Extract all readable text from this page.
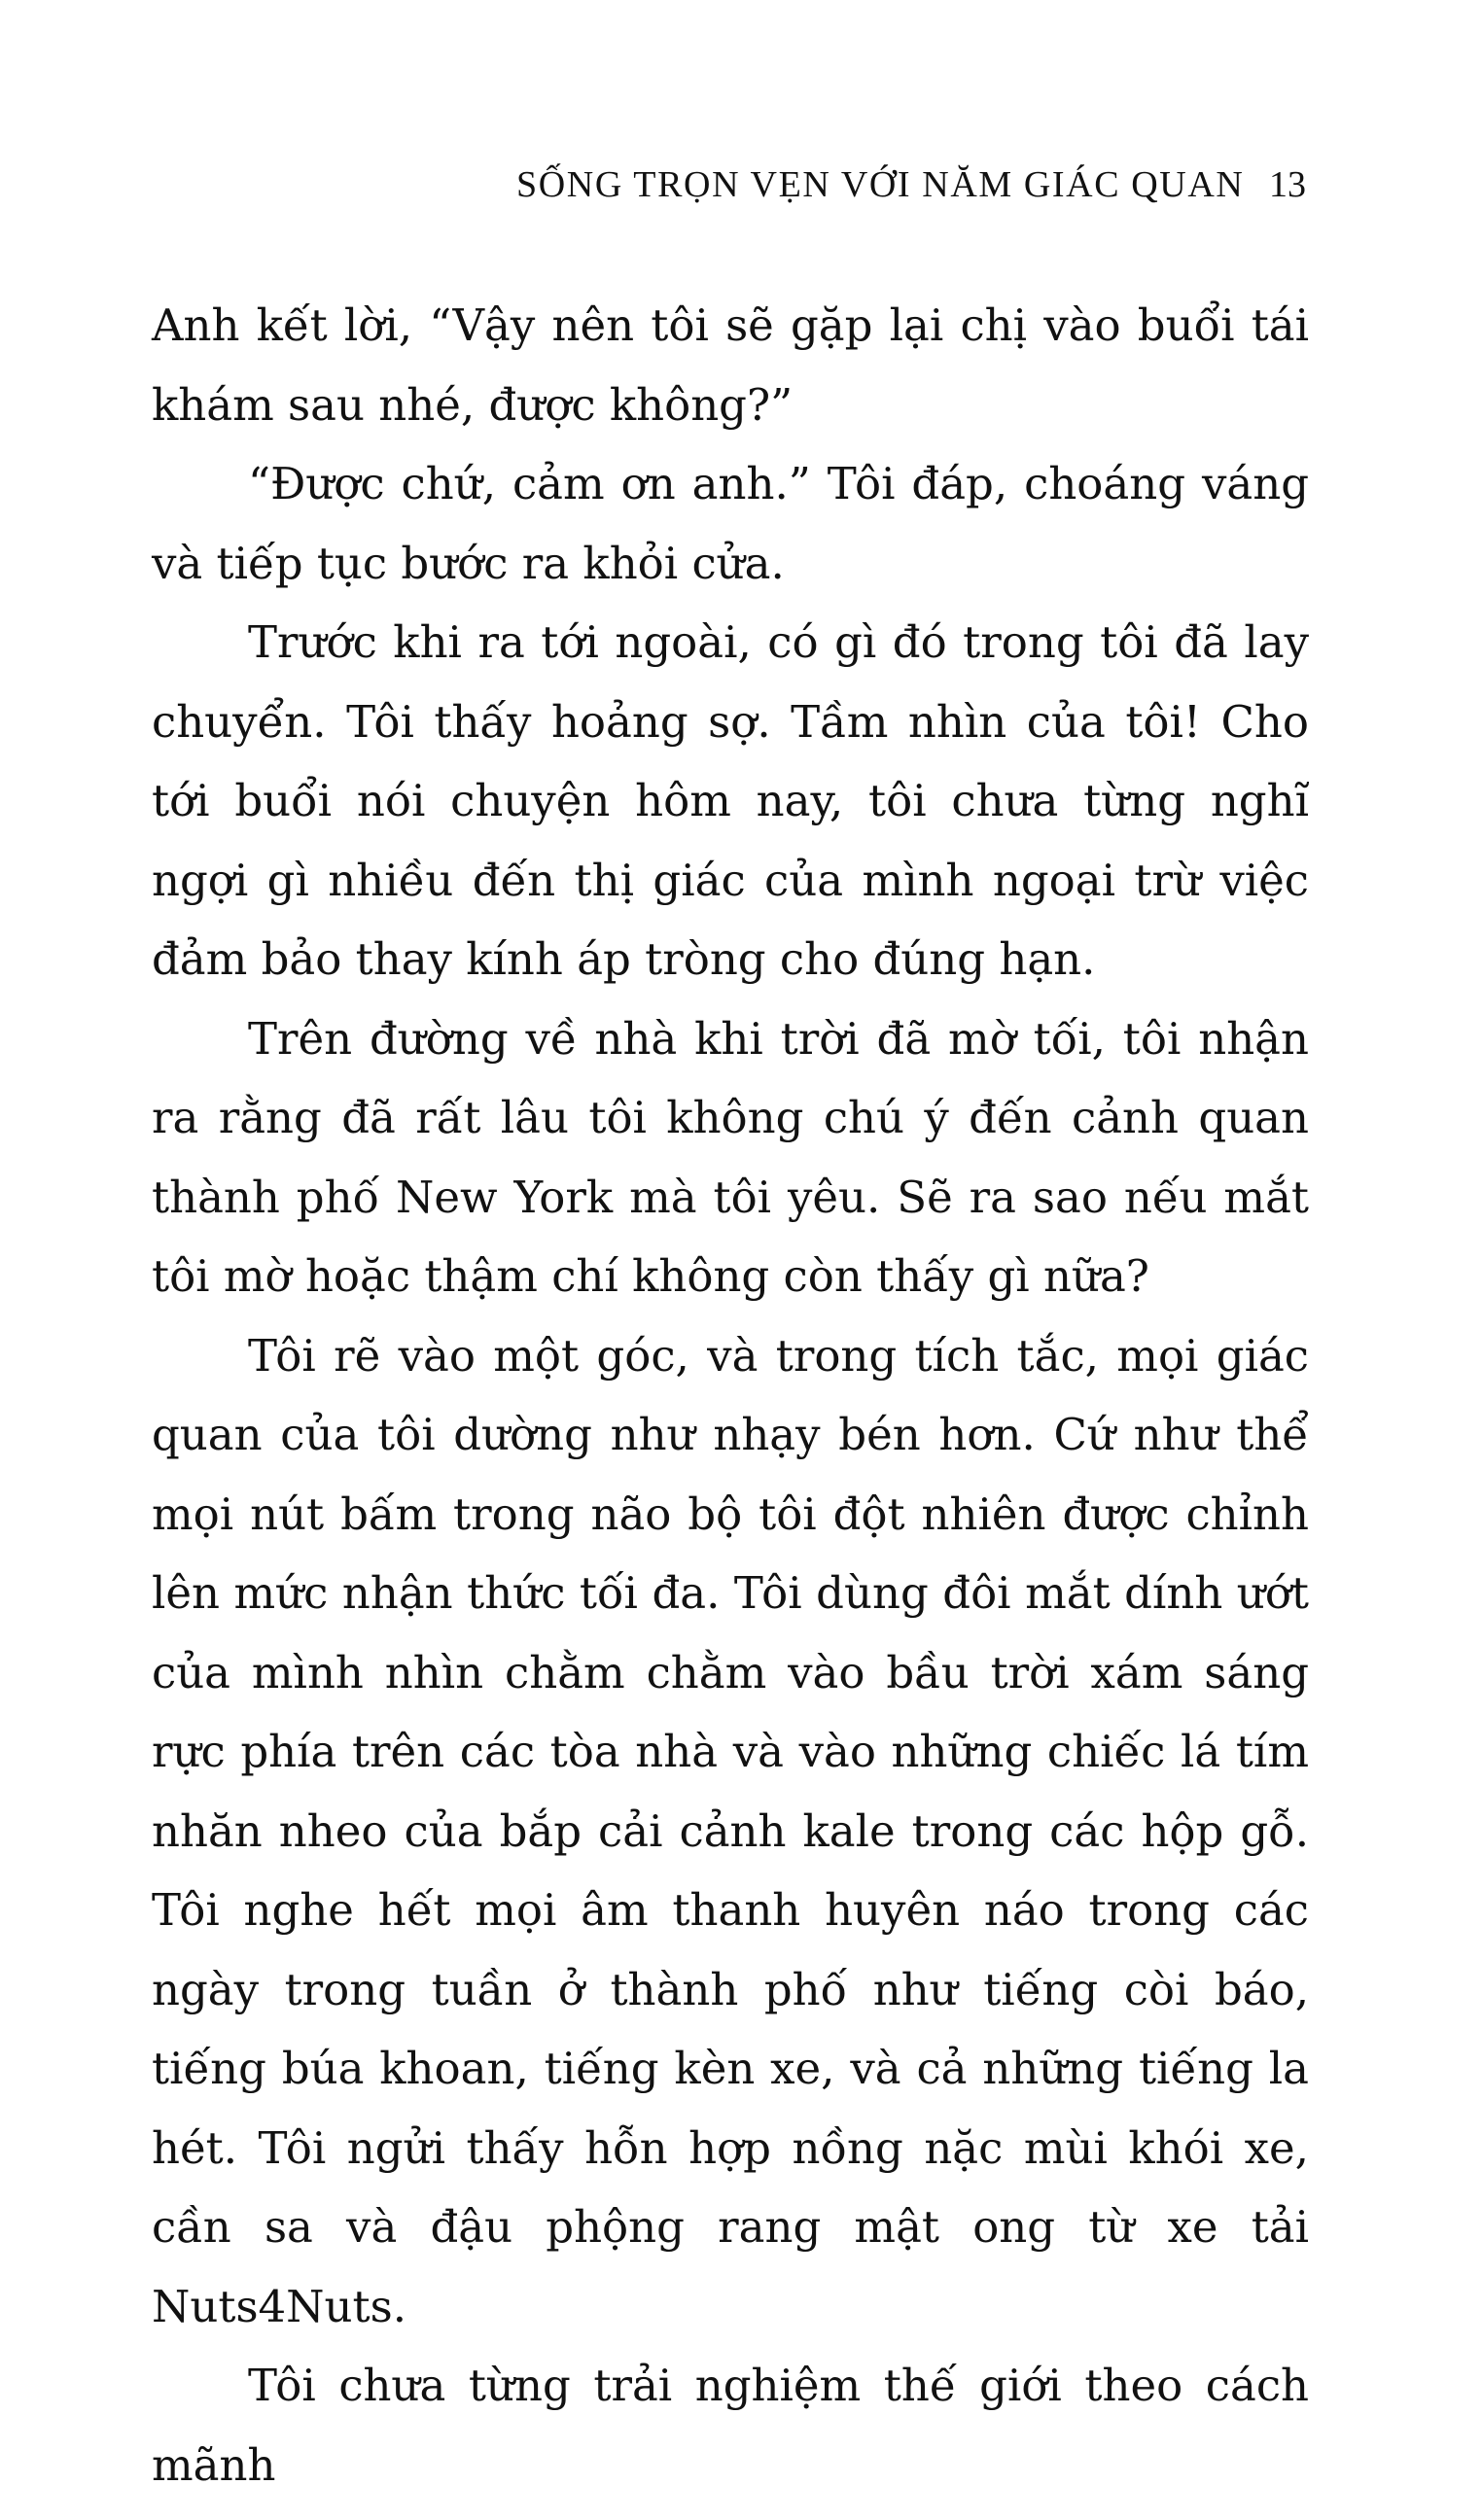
SỐNG TRỌN VẸN VỚI NĂM GIÁC QUAN 13

Anh kết lời, “Vậy nên tôi sẽ gặp lại chị vào buổi tái khám sau nhé, được không?”

“Được chứ, cảm ơn anh.” Tôi đáp, choáng váng và tiếp tục bước ra khỏi cửa.

Trước khi ra tới ngoài, có gì đó trong tôi đã lay chuyển. Tôi thấy hoảng sợ. Tầm nhìn của tôi! Cho tới buổi nói chuyện hôm nay, tôi chưa từng nghĩ ngợi gì nhiều đến thị giác của mình ngoại trừ việc đảm bảo thay kính áp tròng cho đúng hạn.

Trên đường về nhà khi trời đã mờ tối, tôi nhận ra rằng đã rất lâu tôi không chú ý đến cảnh quan thành phố New York mà tôi yêu. Sẽ ra sao nếu mắt tôi mờ hoặc thậm chí không còn thấy gì nữa?

Tôi rẽ vào một góc, và trong tích tắc, mọi giác quan của tôi dường như nhạy bén hơn. Cứ như thể mọi nút bấm trong não bộ tôi đột nhiên được chỉnh lên mức nhận thức tối đa. Tôi dùng đôi mắt dính ướt của mình nhìn chằm chằm vào bầu trời xám sáng rực phía trên các tòa nhà và vào những chiếc lá tím nhăn nheo của bắp cải cảnh kale trong các hộp gỗ. Tôi nghe hết mọi âm thanh huyên náo trong các ngày trong tuần ở thành phố như tiếng còi báo, tiếng búa khoan, tiếng kèn xe, và cả những tiếng la hét. Tôi ngửi thấy hỗn hợp nồng nặc mùi khói xe, cần sa và đậu phộng rang mật ong từ xe tải Nuts4Nuts.

Tôi chưa từng trải nghiệm thế giới theo cách mãnh
